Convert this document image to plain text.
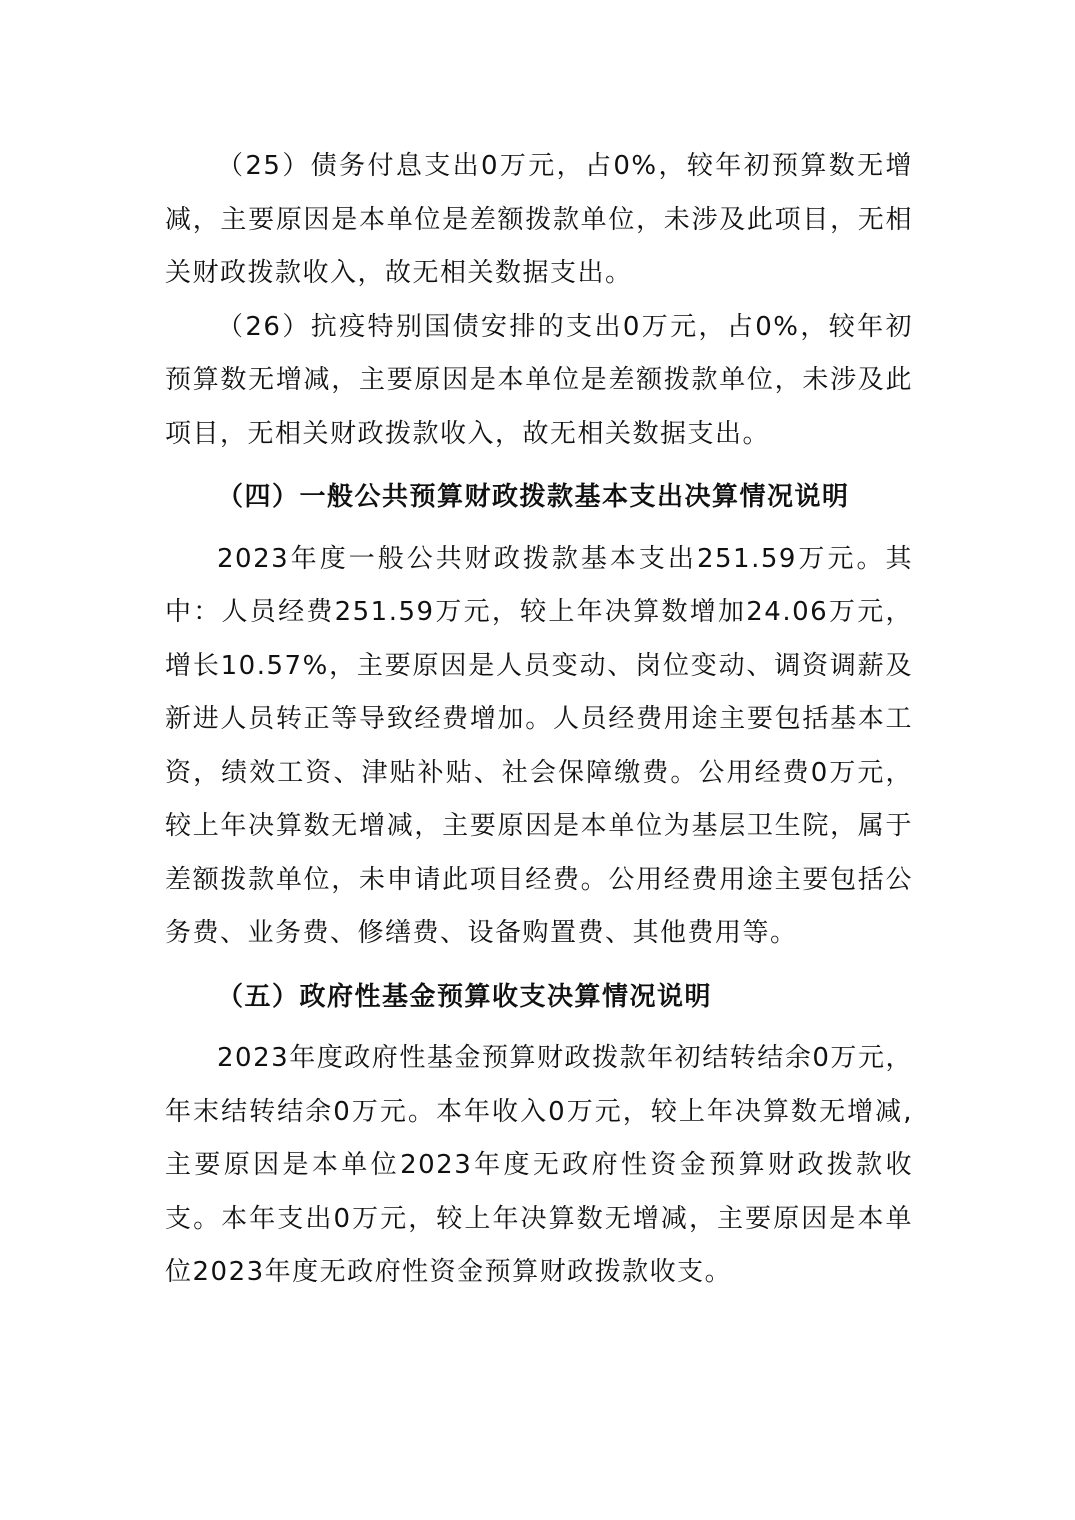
（25）债务付息支出0万元，占0%，较年初预算数无增减，主要原因是本单位是差额拨款单位，未涉及此项目，无相关财政拨款收入，故无相关数据支出。

（26）抗疫特别国债安排的支出0万元，占0%，较年初预算数无增减，主要原因是本单位是差额拨款单位，未涉及此项目，无相关财政拨款收入，故无相关数据支出。

（四）一般公共预算财政拨款基本支出决算情况说明

2023年度一般公共财政拨款基本支出251.59万元。其中：人员经费251.59万元，较上年决算数增加24.06万元，增长10.57%，主要原因是人员变动、岗位变动、调资调薪及新进人员转正等导致经费增加。人员经费用途主要包括基本工资，绩效工资、津贴补贴、社会保障缴费。公用经费0万元，较上年决算数无增减，主要原因是本单位为基层卫生院，属于差额拨款单位，未申请此项目经费。公用经费用途主要包括公务费、业务费、修缮费、设备购置费、其他费用等。

（五）政府性基金预算收支决算情况说明

2023年度政府性基金预算财政拨款年初结转结余0万元，年末结转结余0万元。本年收入0万元，较上年决算数无增减,主要原因是本单位2023年度无政府性资金预算财政拨款收支。本年支出0万元，较上年决算数无增减，主要原因是本单位2023年度无政府性资金预算财政拨款收支。
